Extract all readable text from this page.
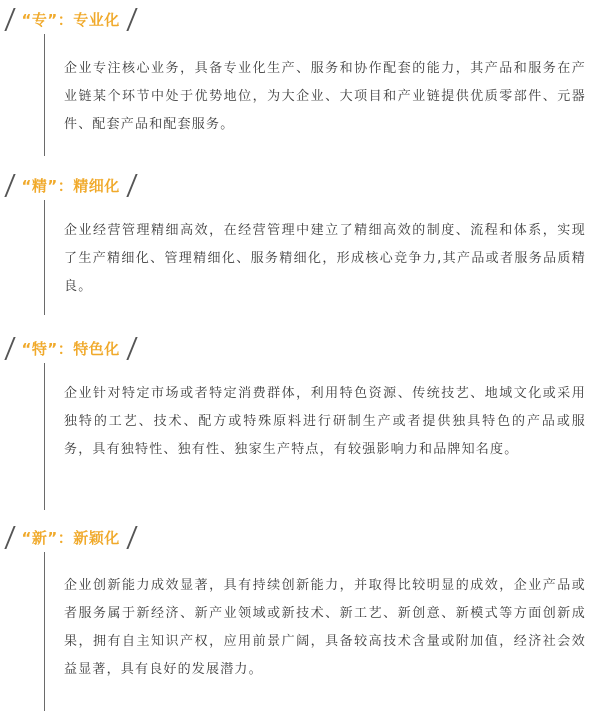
“专”：专业化

企业专注核心业务，具备专业化生产、服务和协作配套的能力，其产品和服务在产业链某个环节中处于优势地位，为大企业、大项目和产业链提供优质零部件、元器件、配套产品和配套服务。

“精”：精细化

企业经营管理精细高效，在经营管理中建立了精细高效的制度、流程和体系，实现了生产精细化、管理精细化、服务精细化，形成核心竞争力,其产品或者服务品质精良。

“特”：特色化

企业针对特定市场或者特定消费群体，利用特色资源、传统技艺、地域文化或采用独特的工艺、技术、配方或特殊原料进行研制生产或者提供独具特色的产品或服务，具有独特性、独有性、独家生产特点，有较强影响力和品牌知名度。

“新”：新颖化

企业创新能力成效显著，具有持续创新能力，并取得比较明显的成效，企业产品或者服务属于新经济、新产业领域或新技术、新工艺、新创意、新模式等方面创新成果，拥有自主知识产权，应用前景广阔，具备较高技术含量或附加值，经济社会效益显著，具有良好的发展潜力。
